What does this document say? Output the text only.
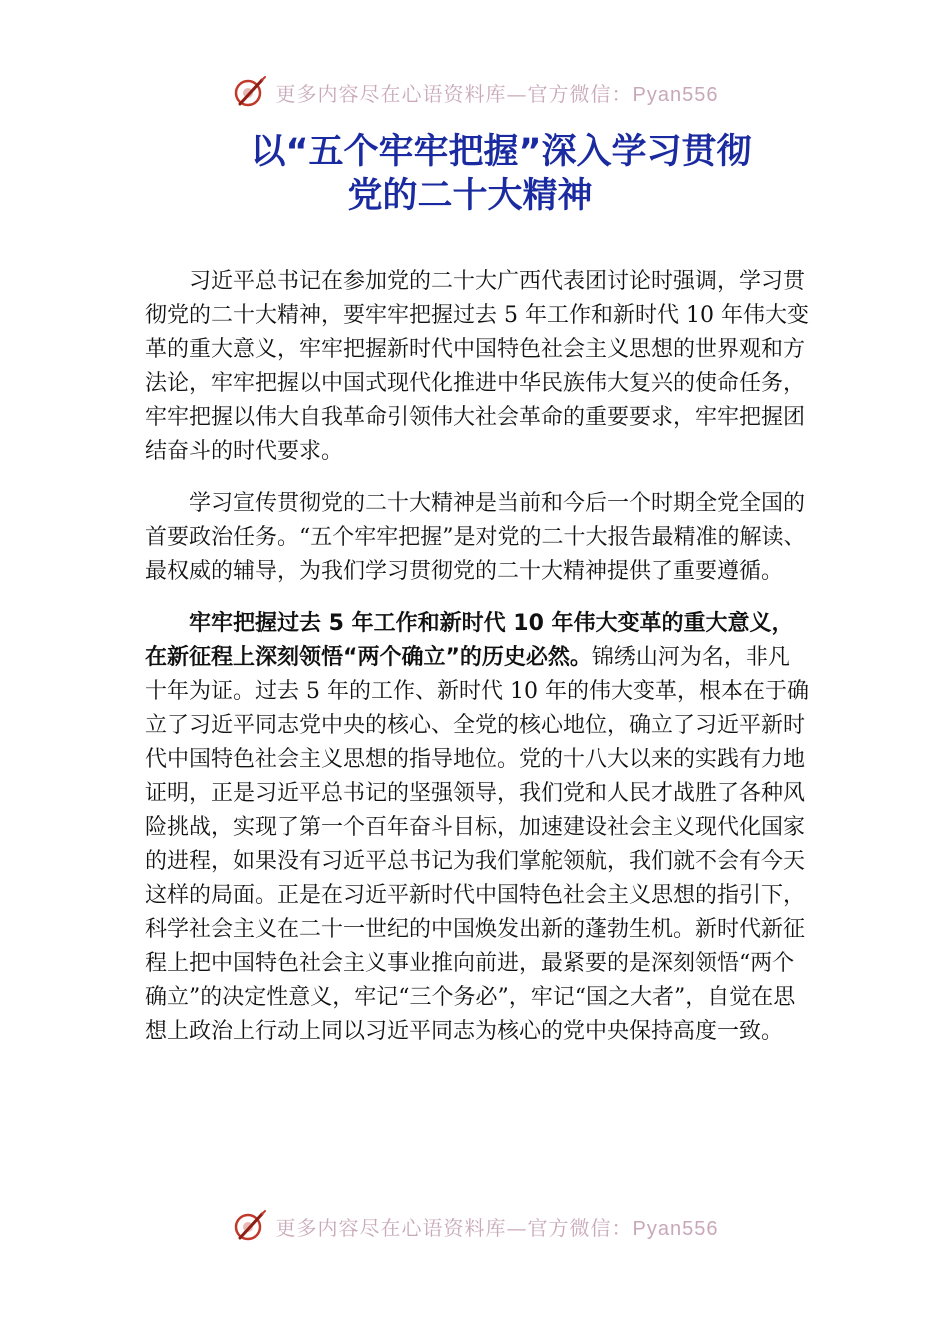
更多内容尽在心语资料库—官方微信：Pyan556
以“五个牢牢把握”深入学习贯彻
党的二十大精神

习近平总书记在参加党的二十大广西代表团讨论时强调，学习贯彻党的二十大精神，要牢牢把握过去 5 年工作和新时代 10 年伟大变革的重大意义，牢牢把握新时代中国特色社会主义思想的世界观和方法论，牢牢把握以中国式现代化推进中华民族伟大复兴的使命任务，牢牢把握以伟大自我革命引领伟大社会革命的重要要求，牢牢把握团结奋斗的时代要求。

学习宣传贯彻党的二十大精神是当前和今后一个时期全党全国的首要政治任务。“五个牢牢把握”是对党的二十大报告最精准的解读、最权威的辅导，为我们学习贯彻党的二十大精神提供了重要遵循。

牢牢把握过去 5 年工作和新时代 10 年伟大变革的重大意义，在新征程上深刻领悟“两个确立”的历史必然。锦绣山河为名，非凡十年为证。过去 5 年的工作、新时代 10 年的伟大变革，根本在于确立了习近平同志党中央的核心、全党的核心地位，确立了习近平新时代中国特色社会主义思想的指导地位。党的十八大以来的实践有力地证明，正是习近平总书记的坚强领导，我们党和人民才战胜了各种风险挑战，实现了第一个百年奋斗目标，加速建设社会主义现代化国家的进程，如果没有习近平总书记为我们掌舵领航，我们就不会有今天这样的局面。正是在习近平新时代中国特色社会主义思想的指引下，科学社会主义在二十一世纪的中国焕发出新的蓬勃生机。新时代新征程上把中国特色社会主义事业推向前进，最紧要的是深刻领悟“两个确立”的决定性意义，牢记“三个务必”，牢记“国之大者”，自觉在思想上政治上行动上同以习近平同志为核心的党中央保持高度一致。

更多内容尽在心语资料库—官方微信：Pyan556
